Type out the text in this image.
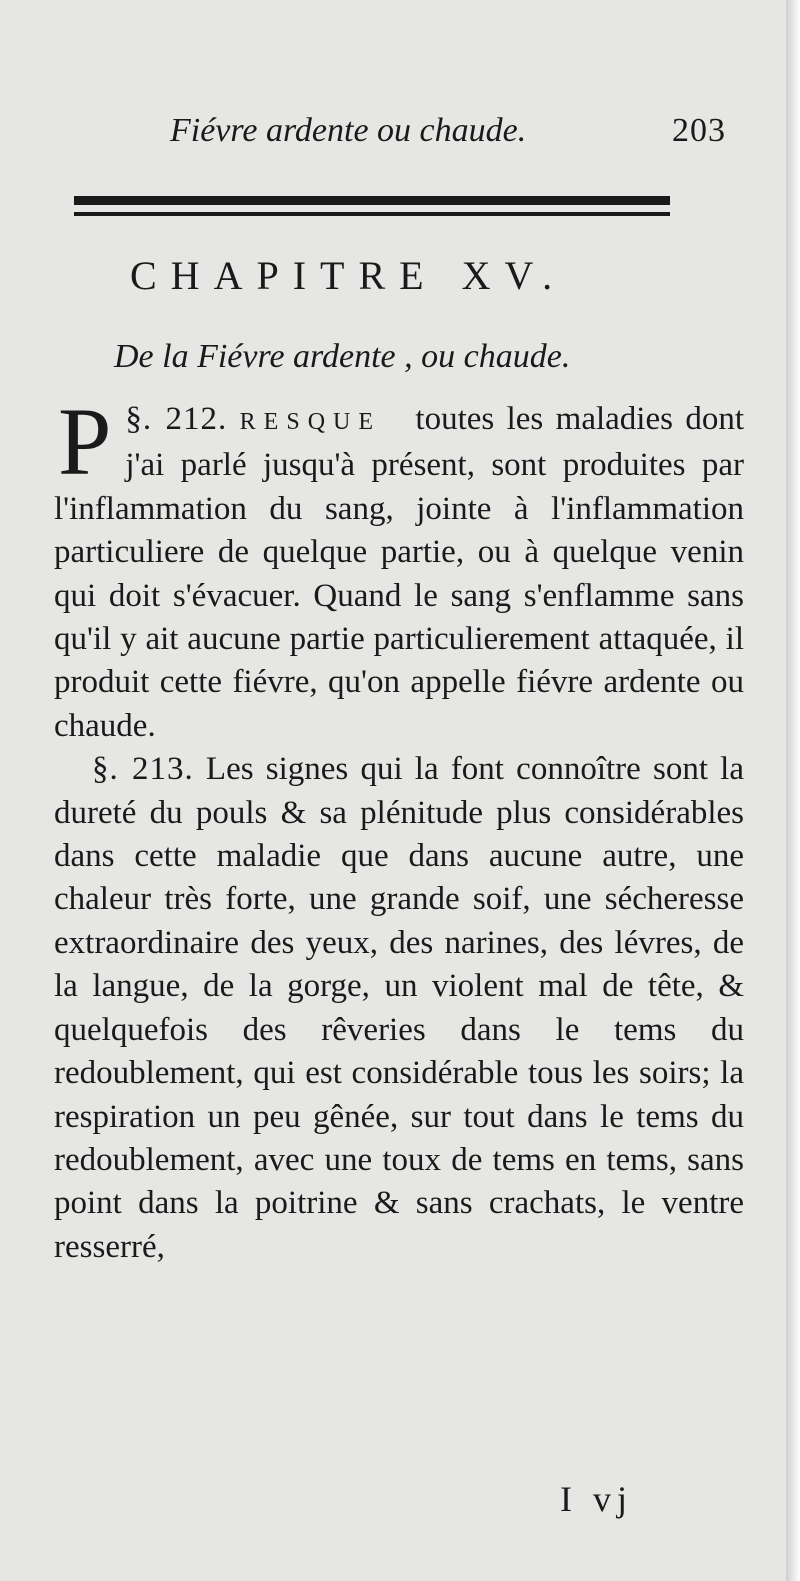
Fiévre ardente ou chaude.	203
CHAPITRE XV.
De la Fiévre ardente , ou chaude.

§. 212.
P	RESQUE toutes les maladies dont j'ai parlé jusqu'à présent, sont produites par l'inflammation du sang, jointe à l'inflammation particuliere de quelque partie, ou à quelque venin qui doit s'évacuer. Quand le sang s'enflamme sans qu'il y ait aucune partie particulierement attaquée, il produit cette fiévre, qu'on appelle fiévre ardente ou chaude.

§. 213. Les signes qui la font connoître sont la dureté du pouls & sa plénitude plus considérables dans cette maladie que dans aucune autre, une chaleur très forte, une grande soif, une sécheresse extraordinaire des yeux, des narines, des lévres, de la langue, de la gorge, un violent mal de tête, & quelquefois des rêveries dans le tems du redoublement, qui est considérable tous les soirs; la respiration un peu gênée, sur tout dans le tems du redoublement, avec une toux de tems en tems, sans point dans la poitrine & sans crachats, le ventre resserré,

I vj
